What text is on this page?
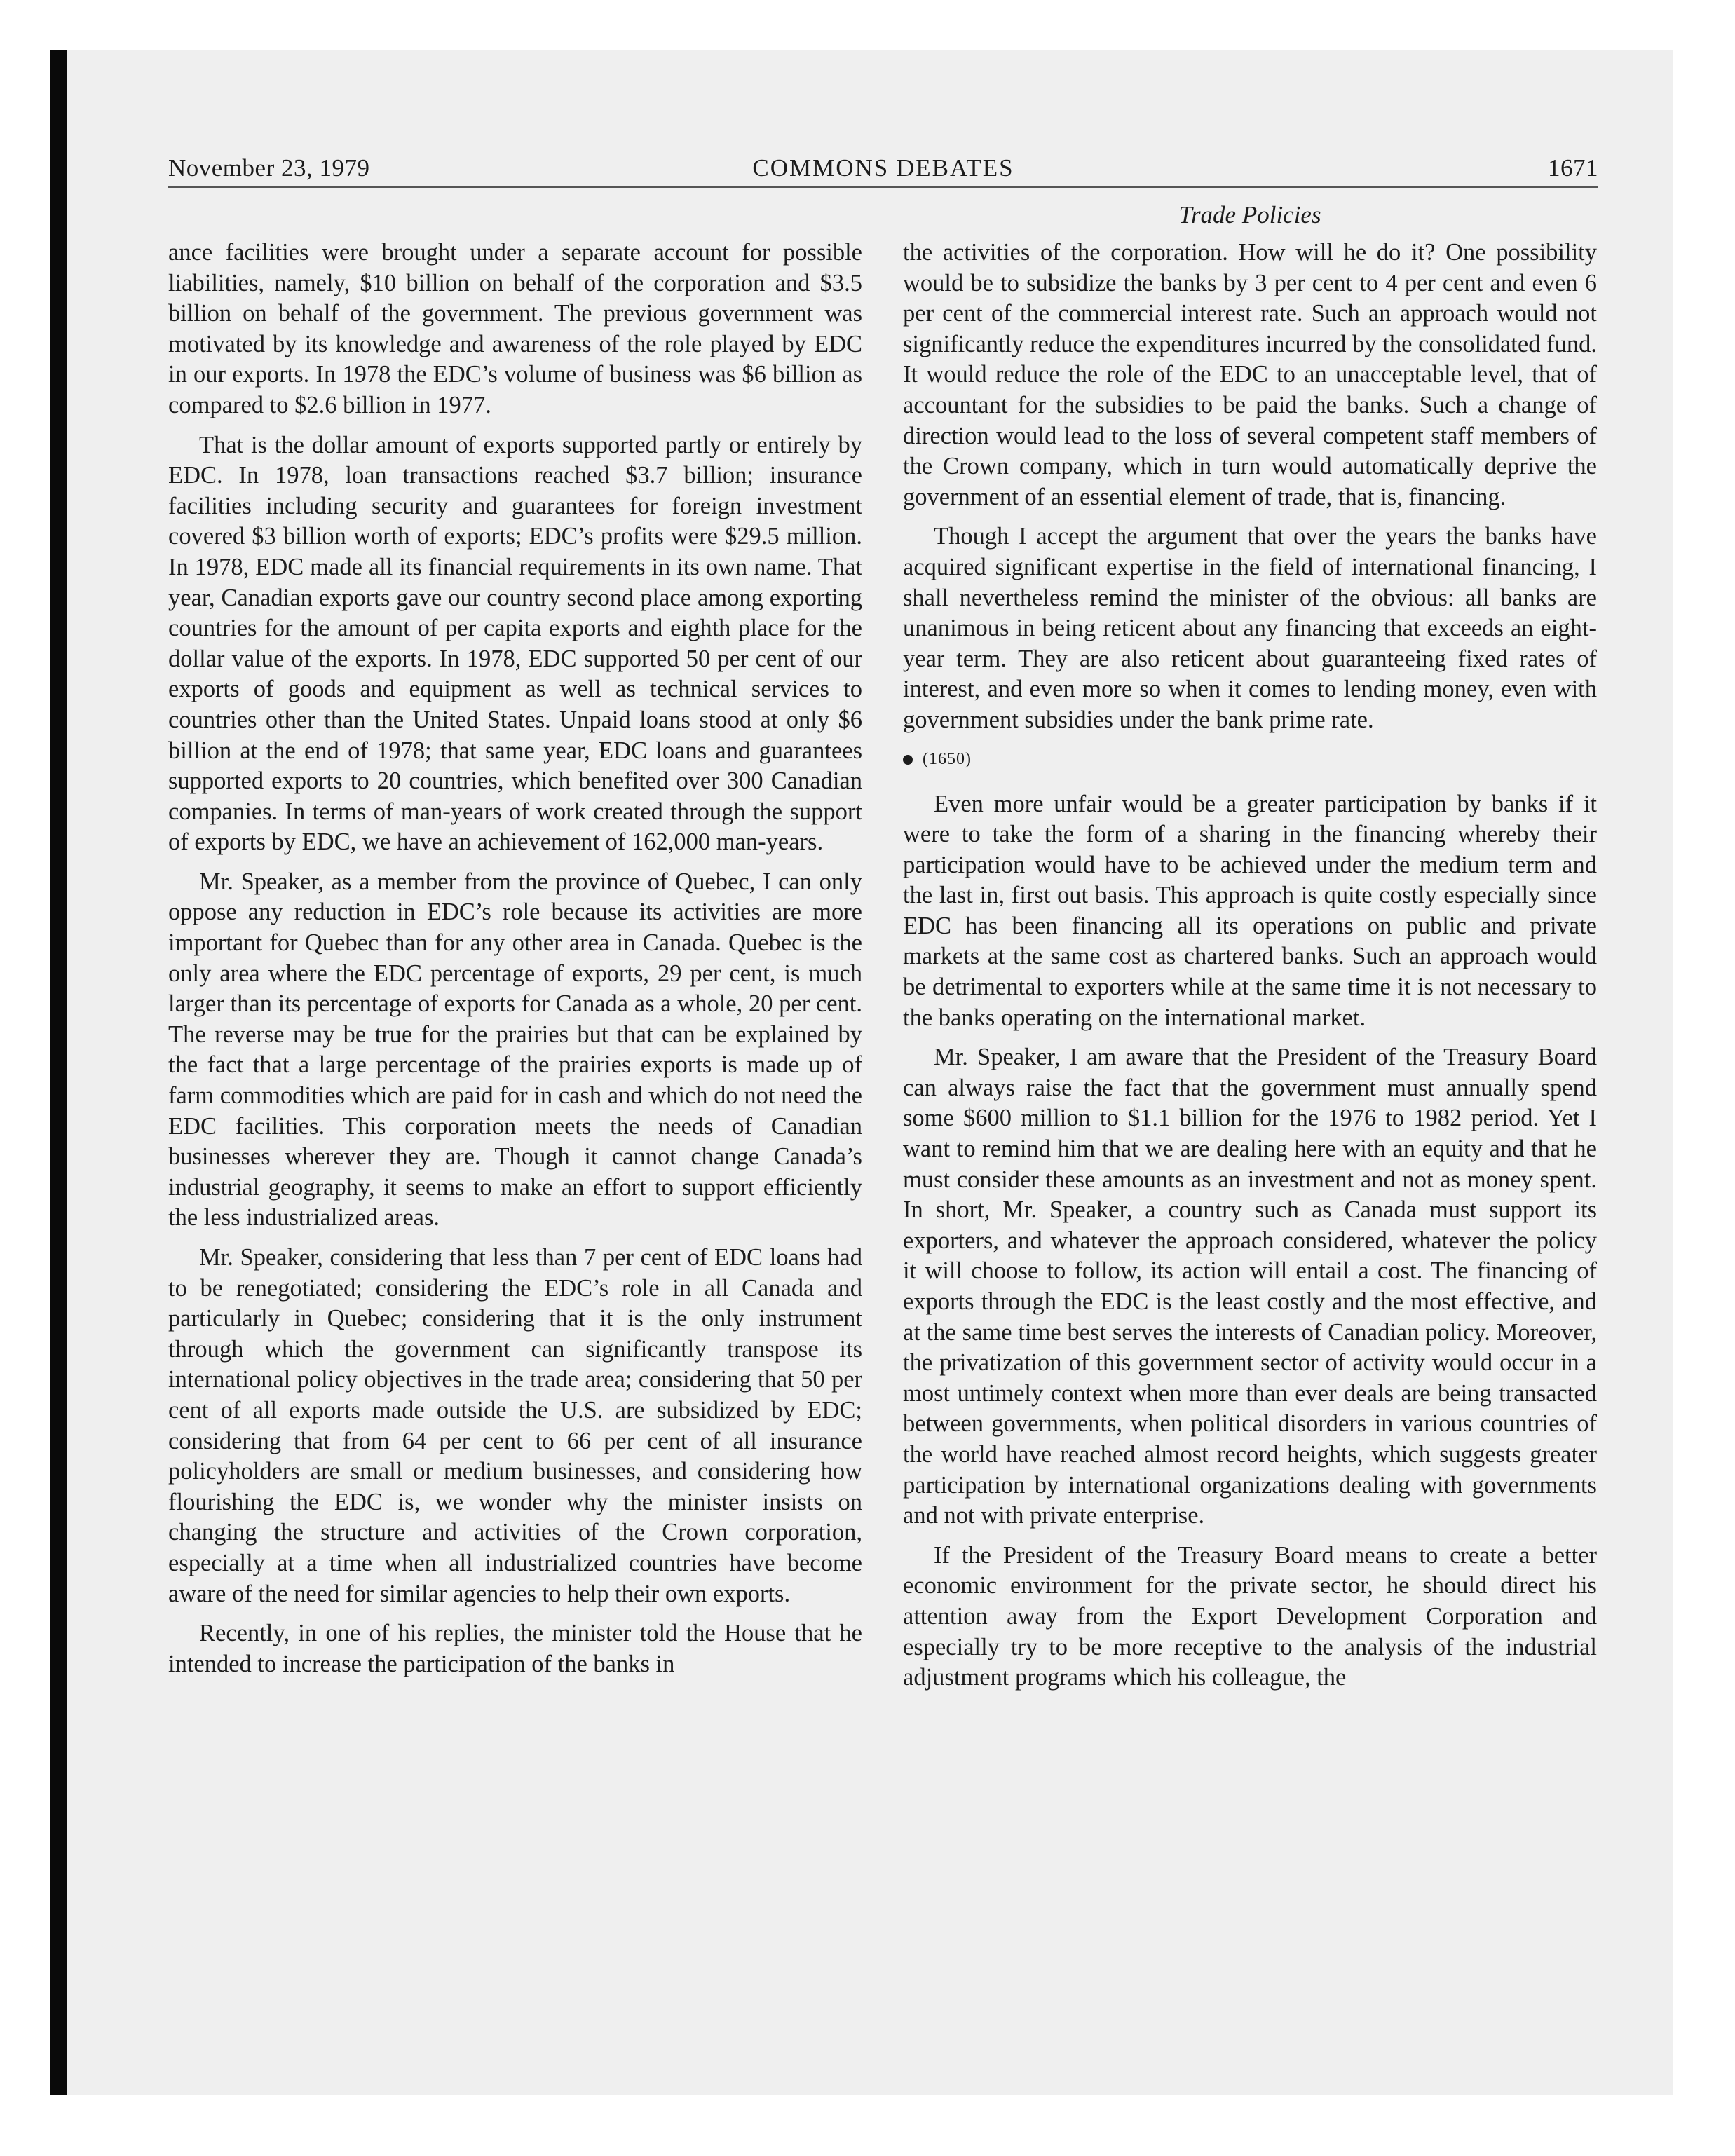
November 23, 1979	COMMONS DEBATES	1671
Trade Policies

ance facilities were brought under a separate account for possible liabilities, namely, $10 billion on behalf of the corporation and $3.5 billion on behalf of the government. The previous government was motivated by its knowledge and awareness of the role played by EDC in our exports. In 1978 the EDC’s volume of business was $6 billion as compared to $2.6 billion in 1977.

That is the dollar amount of exports supported partly or entirely by EDC. In 1978, loan transactions reached $3.7 billion; insurance facilities including security and guarantees for foreign investment covered $3 billion worth of exports; EDC’s profits were $29.5 million. In 1978, EDC made all its financial requirements in its own name. That year, Canadian exports gave our country second place among exporting countries for the amount of per capita exports and eighth place for the dollar value of the exports. In 1978, EDC supported 50 per cent of our exports of goods and equipment as well as technical services to countries other than the United States. Unpaid loans stood at only $6 billion at the end of 1978; that same year, EDC loans and guarantees supported exports to 20 countries, which benefited over 300 Canadian companies. In terms of man-years of work created through the support of exports by EDC, we have an achievement of 162,000 man-years.

Mr. Speaker, as a member from the province of Quebec, I can only oppose any reduction in EDC’s role because its activities are more important for Quebec than for any other area in Canada. Quebec is the only area where the EDC percentage of exports, 29 per cent, is much larger than its percentage of exports for Canada as a whole, 20 per cent. The reverse may be true for the prairies but that can be explained by the fact that a large percentage of the prairies exports is made up of farm commodities which are paid for in cash and which do not need the EDC facilities. This corporation meets the needs of Canadian businesses wherever they are. Though it cannot change Canada’s industrial geography, it seems to make an effort to support efficiently the less industrialized areas.

Mr. Speaker, considering that less than 7 per cent of EDC loans had to be renegotiated; considering the EDC’s role in all Canada and particularly in Quebec; considering that it is the only instrument through which the government can significantly transpose its international policy objectives in the trade area; considering that 50 per cent of all exports made outside the U.S. are subsidized by EDC; considering that from 64 per cent to 66 per cent of all insurance policyholders are small or medium businesses, and considering how flourishing the EDC is, we wonder why the minister insists on changing the structure and activities of the Crown corporation, especially at a time when all industrialized countries have become aware of the need for similar agencies to help their own exports.

Recently, in one of his replies, the minister told the House that he intended to increase the participation of the banks in

the activities of the corporation. How will he do it? One possibility would be to subsidize the banks by 3 per cent to 4 per cent and even 6 per cent of the commercial interest rate. Such an approach would not significantly reduce the expenditures incurred by the consolidated fund. It would reduce the role of the EDC to an unacceptable level, that of accountant for the subsidies to be paid the banks. Such a change of direction would lead to the loss of several competent staff members of the Crown company, which in turn would automatically deprive the government of an essential element of trade, that is, financing.

Though I accept the argument that over the years the banks have acquired significant expertise in the field of international financing, I shall nevertheless remind the minister of the obvious: all banks are unanimous in being reticent about any financing that exceeds an eight-year term. They are also reticent about guaranteeing fixed rates of interest, and even more so when it comes to lending money, even with government subsidies under the bank prime rate.

(1650)

Even more unfair would be a greater participation by banks if it were to take the form of a sharing in the financing whereby their participation would have to be achieved under the medium term and the last in, first out basis. This approach is quite costly especially since EDC has been financing all its operations on public and private markets at the same cost as chartered banks. Such an approach would be detrimental to exporters while at the same time it is not necessary to the banks operating on the international market.

Mr. Speaker, I am aware that the President of the Treasury Board can always raise the fact that the government must annually spend some $600 million to $1.1 billion for the 1976 to 1982 period. Yet I want to remind him that we are dealing here with an equity and that he must consider these amounts as an investment and not as money spent. In short, Mr. Speaker, a country such as Canada must support its exporters, and whatever the approach considered, whatever the policy it will choose to follow, its action will entail a cost. The financing of exports through the EDC is the least costly and the most effective, and at the same time best serves the interests of Canadian policy. Moreover, the privatization of this government sector of activity would occur in a most untimely context when more than ever deals are being transacted between governments, when political disorders in various countries of the world have reached almost record heights, which suggests greater participation by international organizations dealing with governments and not with private enterprise.

If the President of the Treasury Board means to create a better economic environment for the private sector, he should direct his attention away from the Export Development Corporation and especially try to be more receptive to the analysis of the industrial adjustment programs which his colleague, the
